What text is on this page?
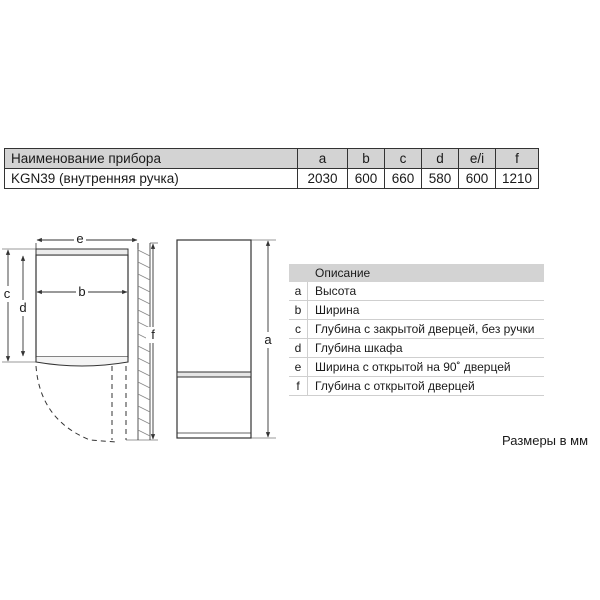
Наименование прибора	a	b	c	d	e/i	f
KGN39 (внутренняя ручка)	2030	600	660	580	600	1210
e
b
c
d
f	a
Описание
a	Высота
b	Ширина
c	Глубина с закрытой дверцей, без ручки
d	Глубина шкафа
e	Ширина с открытой на 90˚ дверцей
f	Глубина с открытой дверцей
Размеры в мм
